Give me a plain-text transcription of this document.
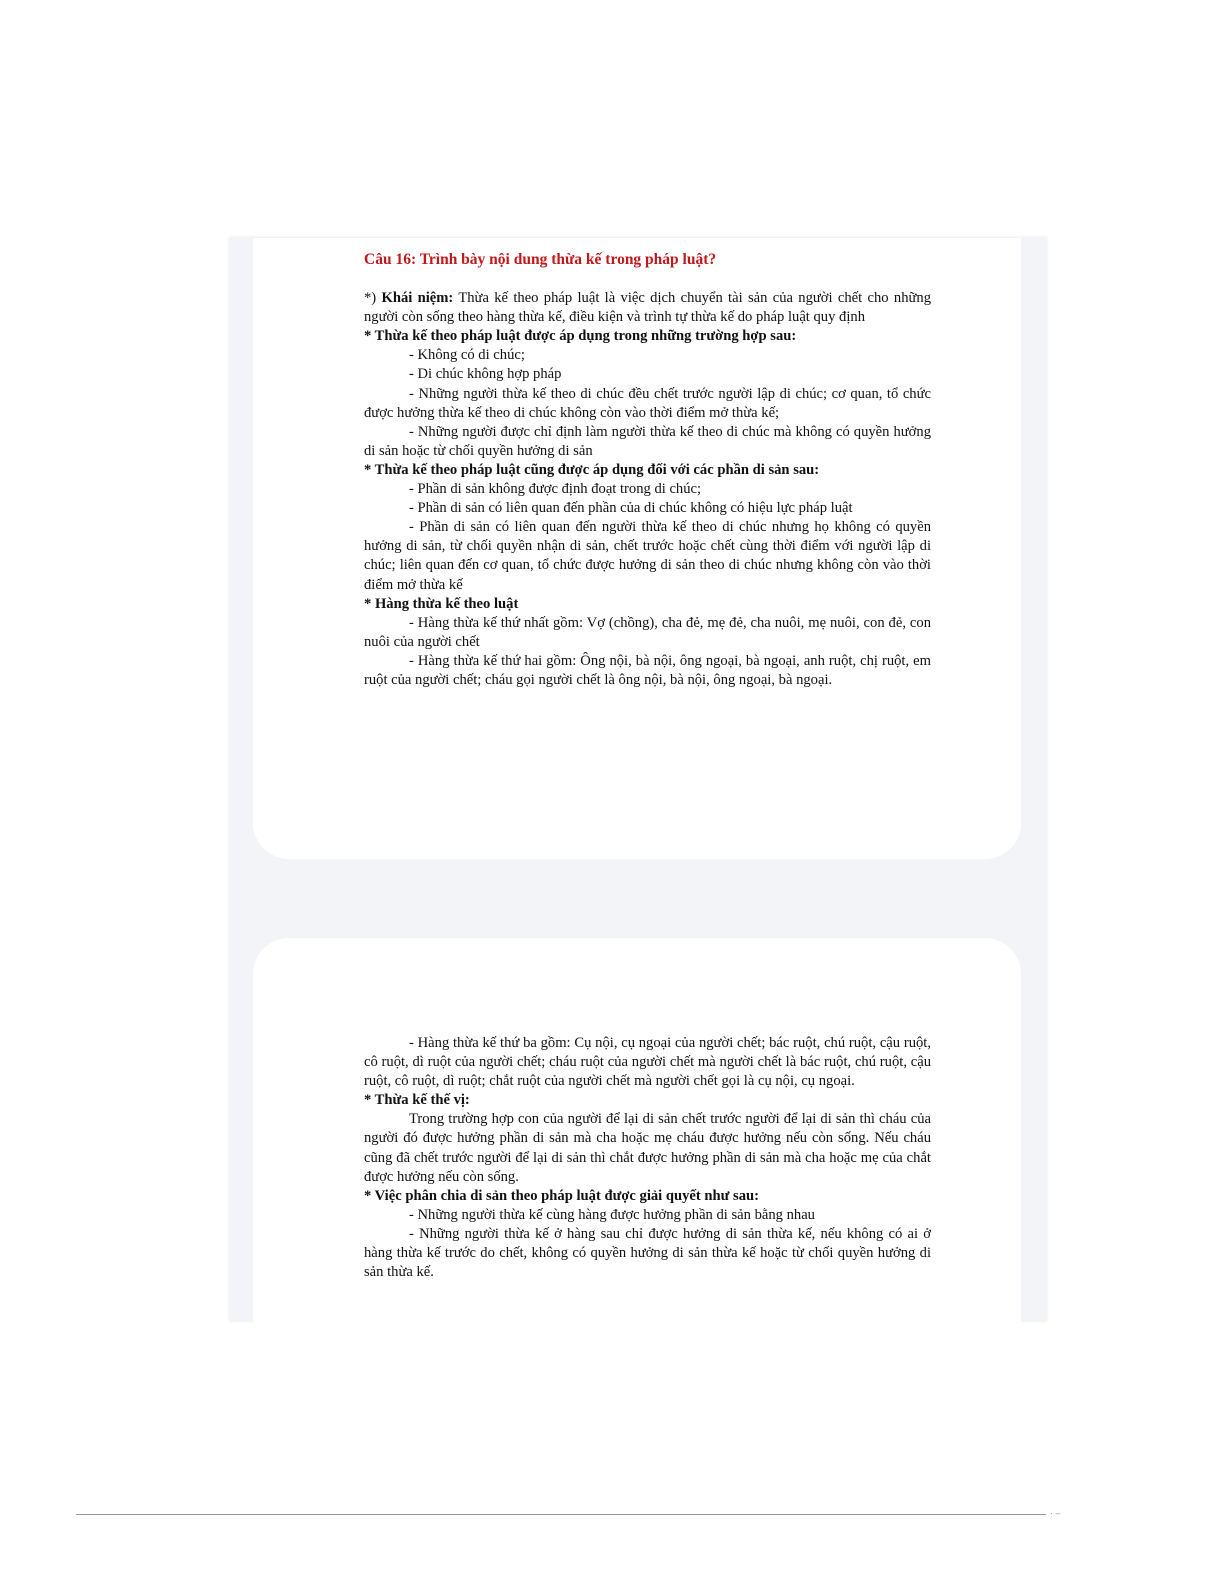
Câu 16: Trình bày nội dung thừa kế trong pháp luật?

*) Khái niệm: Thừa kế theo pháp luật là việc dịch chuyển tài sản của người chết cho những người còn sống theo hàng thừa kế, điều kiện và trình tự thừa kế do pháp luật quy định

* Thừa kế theo pháp luật được áp dụng trong những trường hợp sau:

- Không có di chúc;

- Di chúc không hợp pháp

- Những người thừa kế theo di chúc đều chết trước người lập di chúc; cơ quan, tổ chức được hưởng thừa kế theo di chúc không còn vào thời điểm mở thừa kế;

- Những người được chỉ định làm người thừa kế theo di chúc mà không có quyền hưởng di sản hoặc từ chối quyền hưởng di sản

* Thừa kế theo pháp luật cũng được áp dụng đối với các phần di sản sau:

- Phần di sản không được định đoạt trong di chúc;

- Phần di sản có liên quan đến phần của di chúc không có hiệu lực pháp luật

- Phần di sản có liên quan đến người thừa kế theo di chúc nhưng họ không có quyền hưởng di sản, từ chối quyền nhận di sản, chết trước hoặc chết cùng thời điểm với người lập di chúc; liên quan đến cơ quan, tổ chức được hưởng di sản theo di chúc nhưng không còn vào thời điểm mở thừa kế

* Hàng thừa kế theo luật

- Hàng thừa kế thứ nhất gồm: Vợ (chồng), cha đẻ, mẹ đẻ, cha nuôi, mẹ nuôi, con đẻ, con nuôi của người chết

- Hàng thừa kế thứ hai gồm: Ông nội, bà nội, ông ngoại, bà ngoại, anh ruột, chị ruột, em ruột của người chết; cháu gọi người chết là ông nội, bà nội, ông ngoại, bà ngoại.

- Hàng thừa kế thứ ba gồm: Cụ nội, cụ ngoại của người chết; bác ruột, chú ruột, cậu ruột, cô ruột, dì ruột của người chết; cháu ruột của người chết mà người chết là bác ruột, chú ruột, cậu ruột, cô ruột, dì ruột; chắt ruột của người chết mà người chết gọi là cụ nội, cụ ngoại.

* Thừa kế thế vị:

Trong trường hợp con của người để lại di sản chết trước người để lại di sản thì cháu của người đó được hưởng phần di sản mà cha hoặc mẹ cháu được hưởng nếu còn sống. Nếu cháu cũng đã chết trước người để lại di sản thì chắt được hưởng phần di sản mà cha hoặc mẹ của chắt được hưởng nếu còn sống.

* Việc phân chia di sản theo pháp luật được giải quyết như sau:

- Những người thừa kế cùng hàng được hưởng phần di sản bằng nhau

- Những người thừa kế ở hàng sau chỉ được hưởng di sản thừa kế, nếu không có ai ở hàng thừa kế trước do chết, không có quyền hưởng di sản thừa kế hoặc từ chối quyền hưởng di sản thừa kế.

· –
